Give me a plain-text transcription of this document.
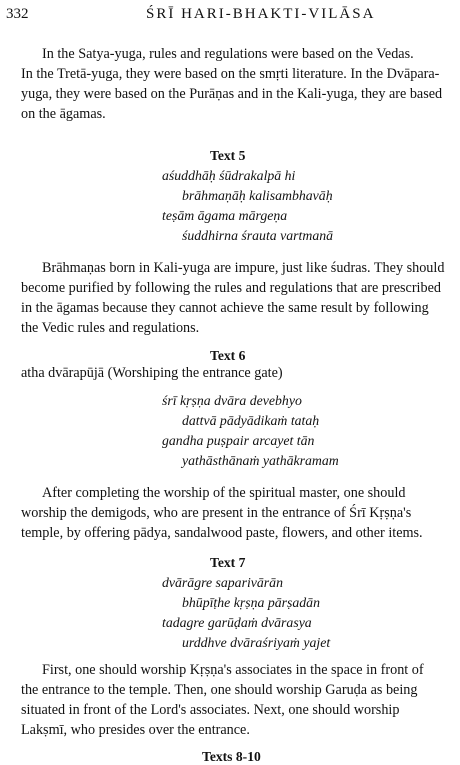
332	ŚRĪ HARI-BHAKTI-VILĀSA
In the Satya-yuga, rules and regulations were based on the Vedas.
In the Tretā-yuga, they were based on the smṛti literature. In the Dvāpara-
yuga, they were based on the Purāṇas and in the Kali-yuga, they are based
on the āgamas.
Text 5
aśuddhāḥ śūdrakalpā hi
brāhmaṇāḥ kalisambhavāḥ
teṣām āgama mārgeṇa
śuddhirna śrauta vartmanā
Brāhmaṇas born in Kali-yuga are impure, just like śudras. They should
become purified by following the rules and regulations that are prescribed
in the āgamas because they cannot achieve the same result by following
the Vedic rules and regulations.
Text 6
atha dvārapūjā (Worshiping the entrance gate)
śrī kṛṣṇa dvāra devebhyo
dattvā pādyādikaṁ tataḥ
gandha puṣpair arcayet tān
yathāsthānaṁ yathākramam
After completing the worship of the spiritual master, one should
worship the demigods, who are present in the entrance of Śrī Kṛṣṇa's
temple, by offering pādya, sandalwood paste, flowers, and other items.
Text 7
dvārāgre saparivārān
bhūpīṭhe kṛṣṇa pārṣadān
tadagre garūḍaṁ dvārasya
urddhve dvāraśriyaṁ yajet
First, one should worship Kṛṣṇa's associates in the space in front of
the entrance to the temple. Then, one should worship Garuḍa as being
situated in front of the Lord's associates. Next, one should worship
Lakṣmī, who presides over the entrance.
Texts 8-10
